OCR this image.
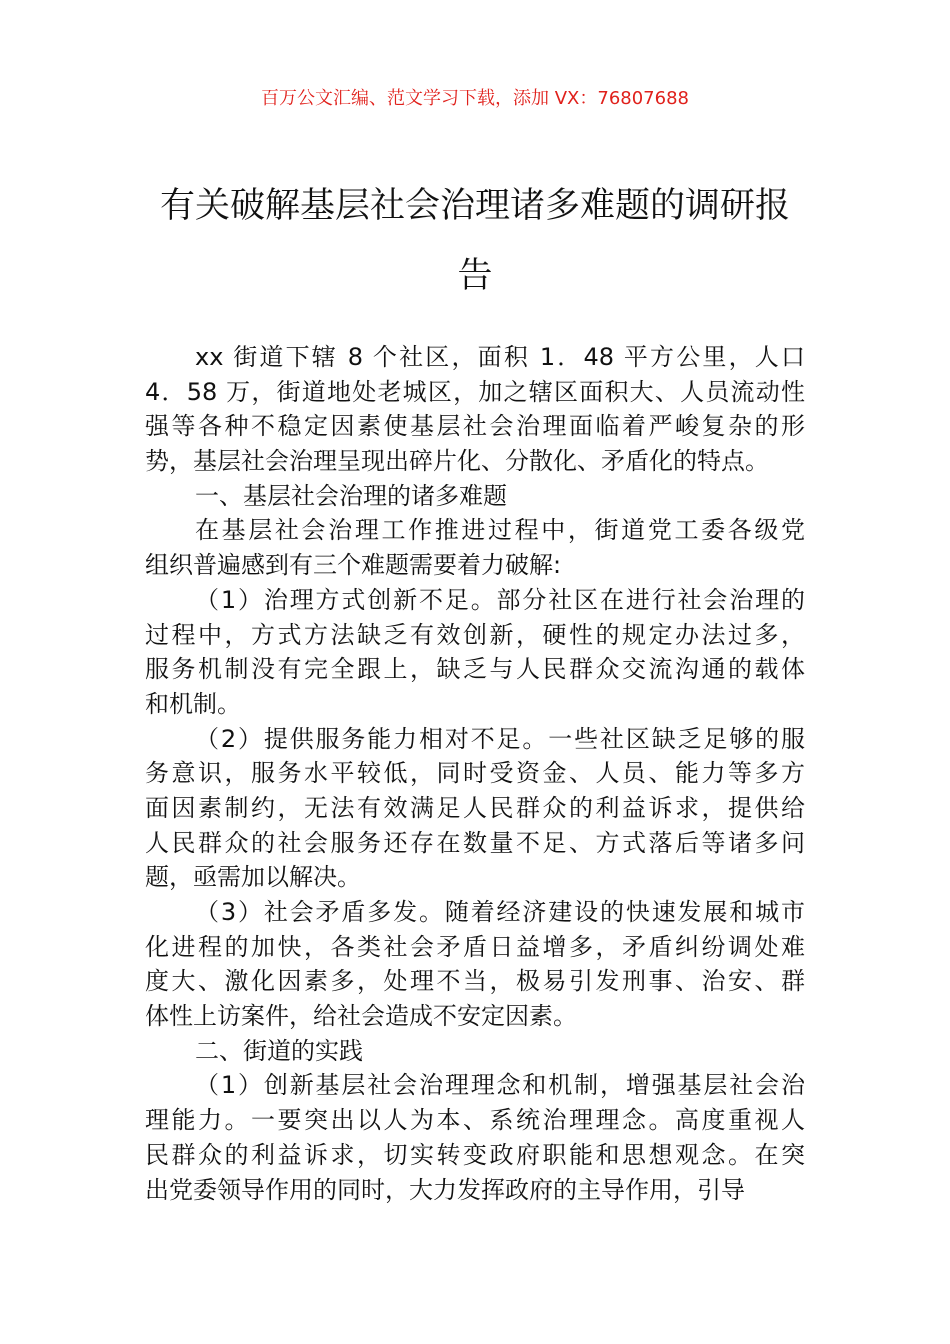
百万公文汇编、范文学习下载，添加 VX：76807688
有关破解基层社会治理诸多难题的调研报
告
xx 街道下辖 8 个社区，面积 1．48 平方公里，人口
4．58 万，街道地处老城区，加之辖区面积大、人员流动性
强等各种不稳定因素使基层社会治理面临着严峻复杂的形
势，基层社会治理呈现出碎片化、分散化、矛盾化的特点。
一、基层社会治理的诸多难题
在基层社会治理工作推进过程中，街道党工委各级党
组织普遍感到有三个难题需要着力破解:
（1）治理方式创新不足。部分社区在进行社会治理的
过程中，方式方法缺乏有效创新，硬性的规定办法过多，
服务机制没有完全跟上，缺乏与人民群众交流沟通的载体
和机制。
（2）提供服务能力相对不足。一些社区缺乏足够的服
务意识，服务水平较低，同时受资金、人员、能力等多方
面因素制约，无法有效满足人民群众的利益诉求，提供给
人民群众的社会服务还存在数量不足、方式落后等诸多问
题，亟需加以解决。
（3）社会矛盾多发。随着经济建设的快速发展和城市
化进程的加快，各类社会矛盾日益增多，矛盾纠纷调处难
度大、激化因素多，处理不当，极易引发刑事、治安、群
体性上访案件，给社会造成不安定因素。
二、街道的实践
（1）创新基层社会治理理念和机制，增强基层社会治
理能力。一要突出以人为本、系统治理理念。高度重视人
民群众的利益诉求，切实转变政府职能和思想观念。在突
出党委领导作用的同时，大力发挥政府的主导作用，引导
